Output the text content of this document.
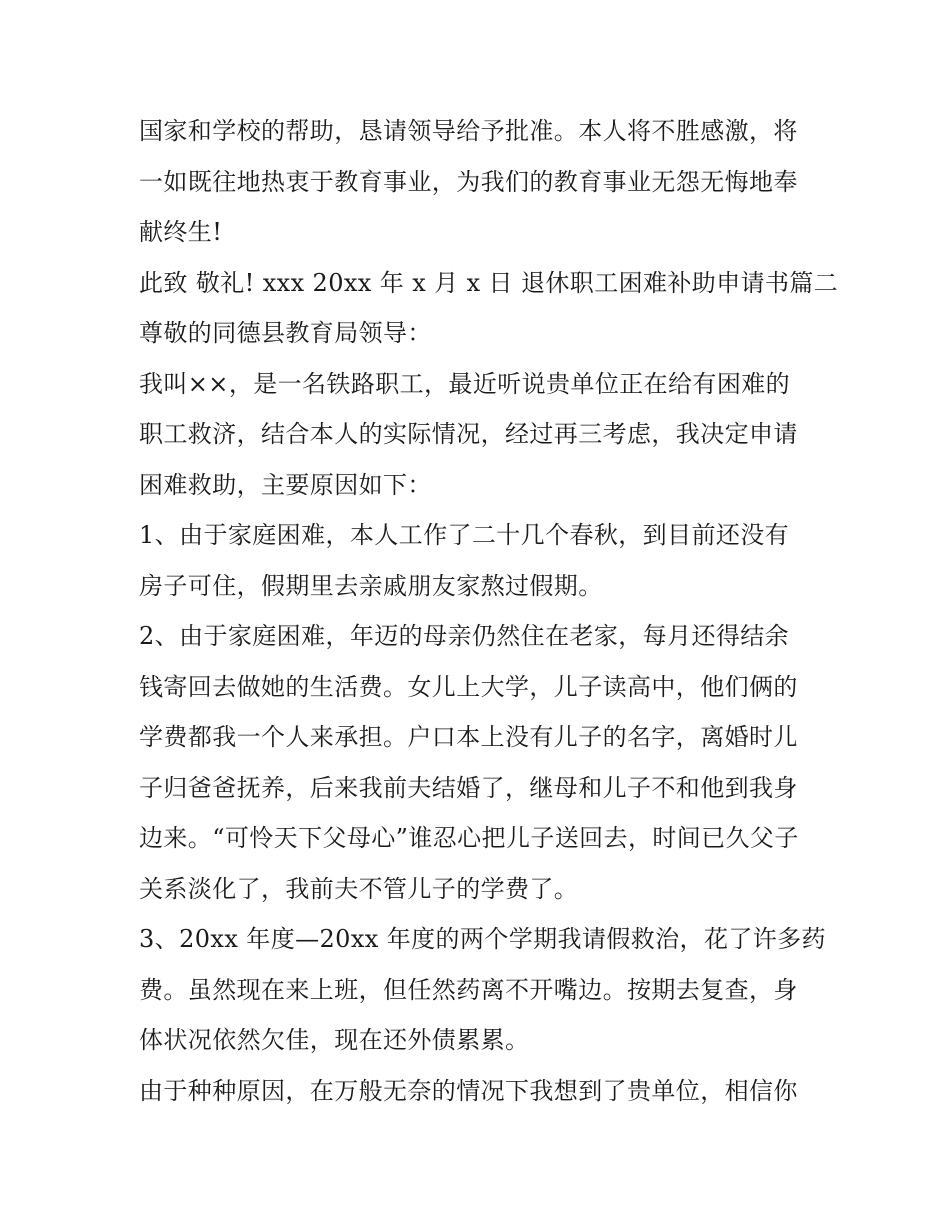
国家和学校的帮助，恳请领导给予批准。本人将不胜感激，将
一如既往地热衷于教育事业，为我们的教育事业无怨无悔地奉
献终生!
此致 敬礼! xxx 20xx 年 x 月 x 日 退休职工困难补助申请书篇二
尊敬的同德县教育局领导：
我叫××，是一名铁路职工，最近听说贵单位正在给有困难的
职工救济，结合本人的实际情况，经过再三考虑，我决定申请
困难救助，主要原因如下：
1、由于家庭困难，本人工作了二十几个春秋，到目前还没有
房子可住，假期里去亲戚朋友家熬过假期。
2、由于家庭困难，年迈的母亲仍然住在老家，每月还得结余
钱寄回去做她的生活费。女儿上大学，儿子读高中，他们俩的
学费都我一个人来承担。户口本上没有儿子的名字，离婚时儿
子归爸爸抚养，后来我前夫结婚了，继母和儿子不和他到我身
边来。“可怜天下父母心”谁忍心把儿子送回去，时间已久父子
关系淡化了，我前夫不管儿子的学费了。
3、20xx 年度—20xx 年度的两个学期我请假救治，花了许多药
费。虽然现在来上班，但任然药离不开嘴边。按期去复查，身
体状况依然欠佳，现在还外债累累。
由于种种原因，在万般无奈的情况下我想到了贵单位，相信你
